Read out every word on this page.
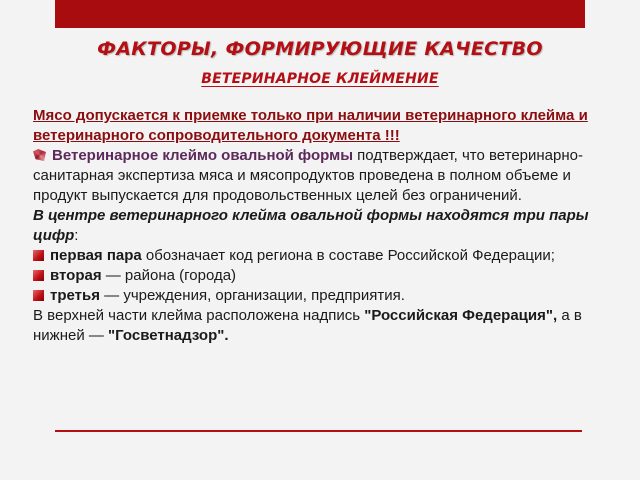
ФАКТОРЫ, ФОРМИРУЮЩИЕ КАЧЕСТВО
ВЕТЕРИНАРНОЕ КЛЕЙМЕНИЕ

Мясо допускается к приемке только при наличии ветеринарного клейма и ветеринарного сопроводительного документа !!!

Ветеринарное клеймо овальной формы подтверждает, что ветеринарно-санитарная экспертиза мяса и мясопродуктов проведена в полном объеме и продукт выпускается для продовольственных целей без ограничений.

В центре ветеринарного клейма овальной формы находятся три пары цифр:

первая пара обозначает код региона в составе Российской Федерации;

вторая — района (города)

третья — учреждения, организации, предприятия.

В верхней части клейма расположена надпись "Российская Федерация", а в нижней — "Госветнадзор".
